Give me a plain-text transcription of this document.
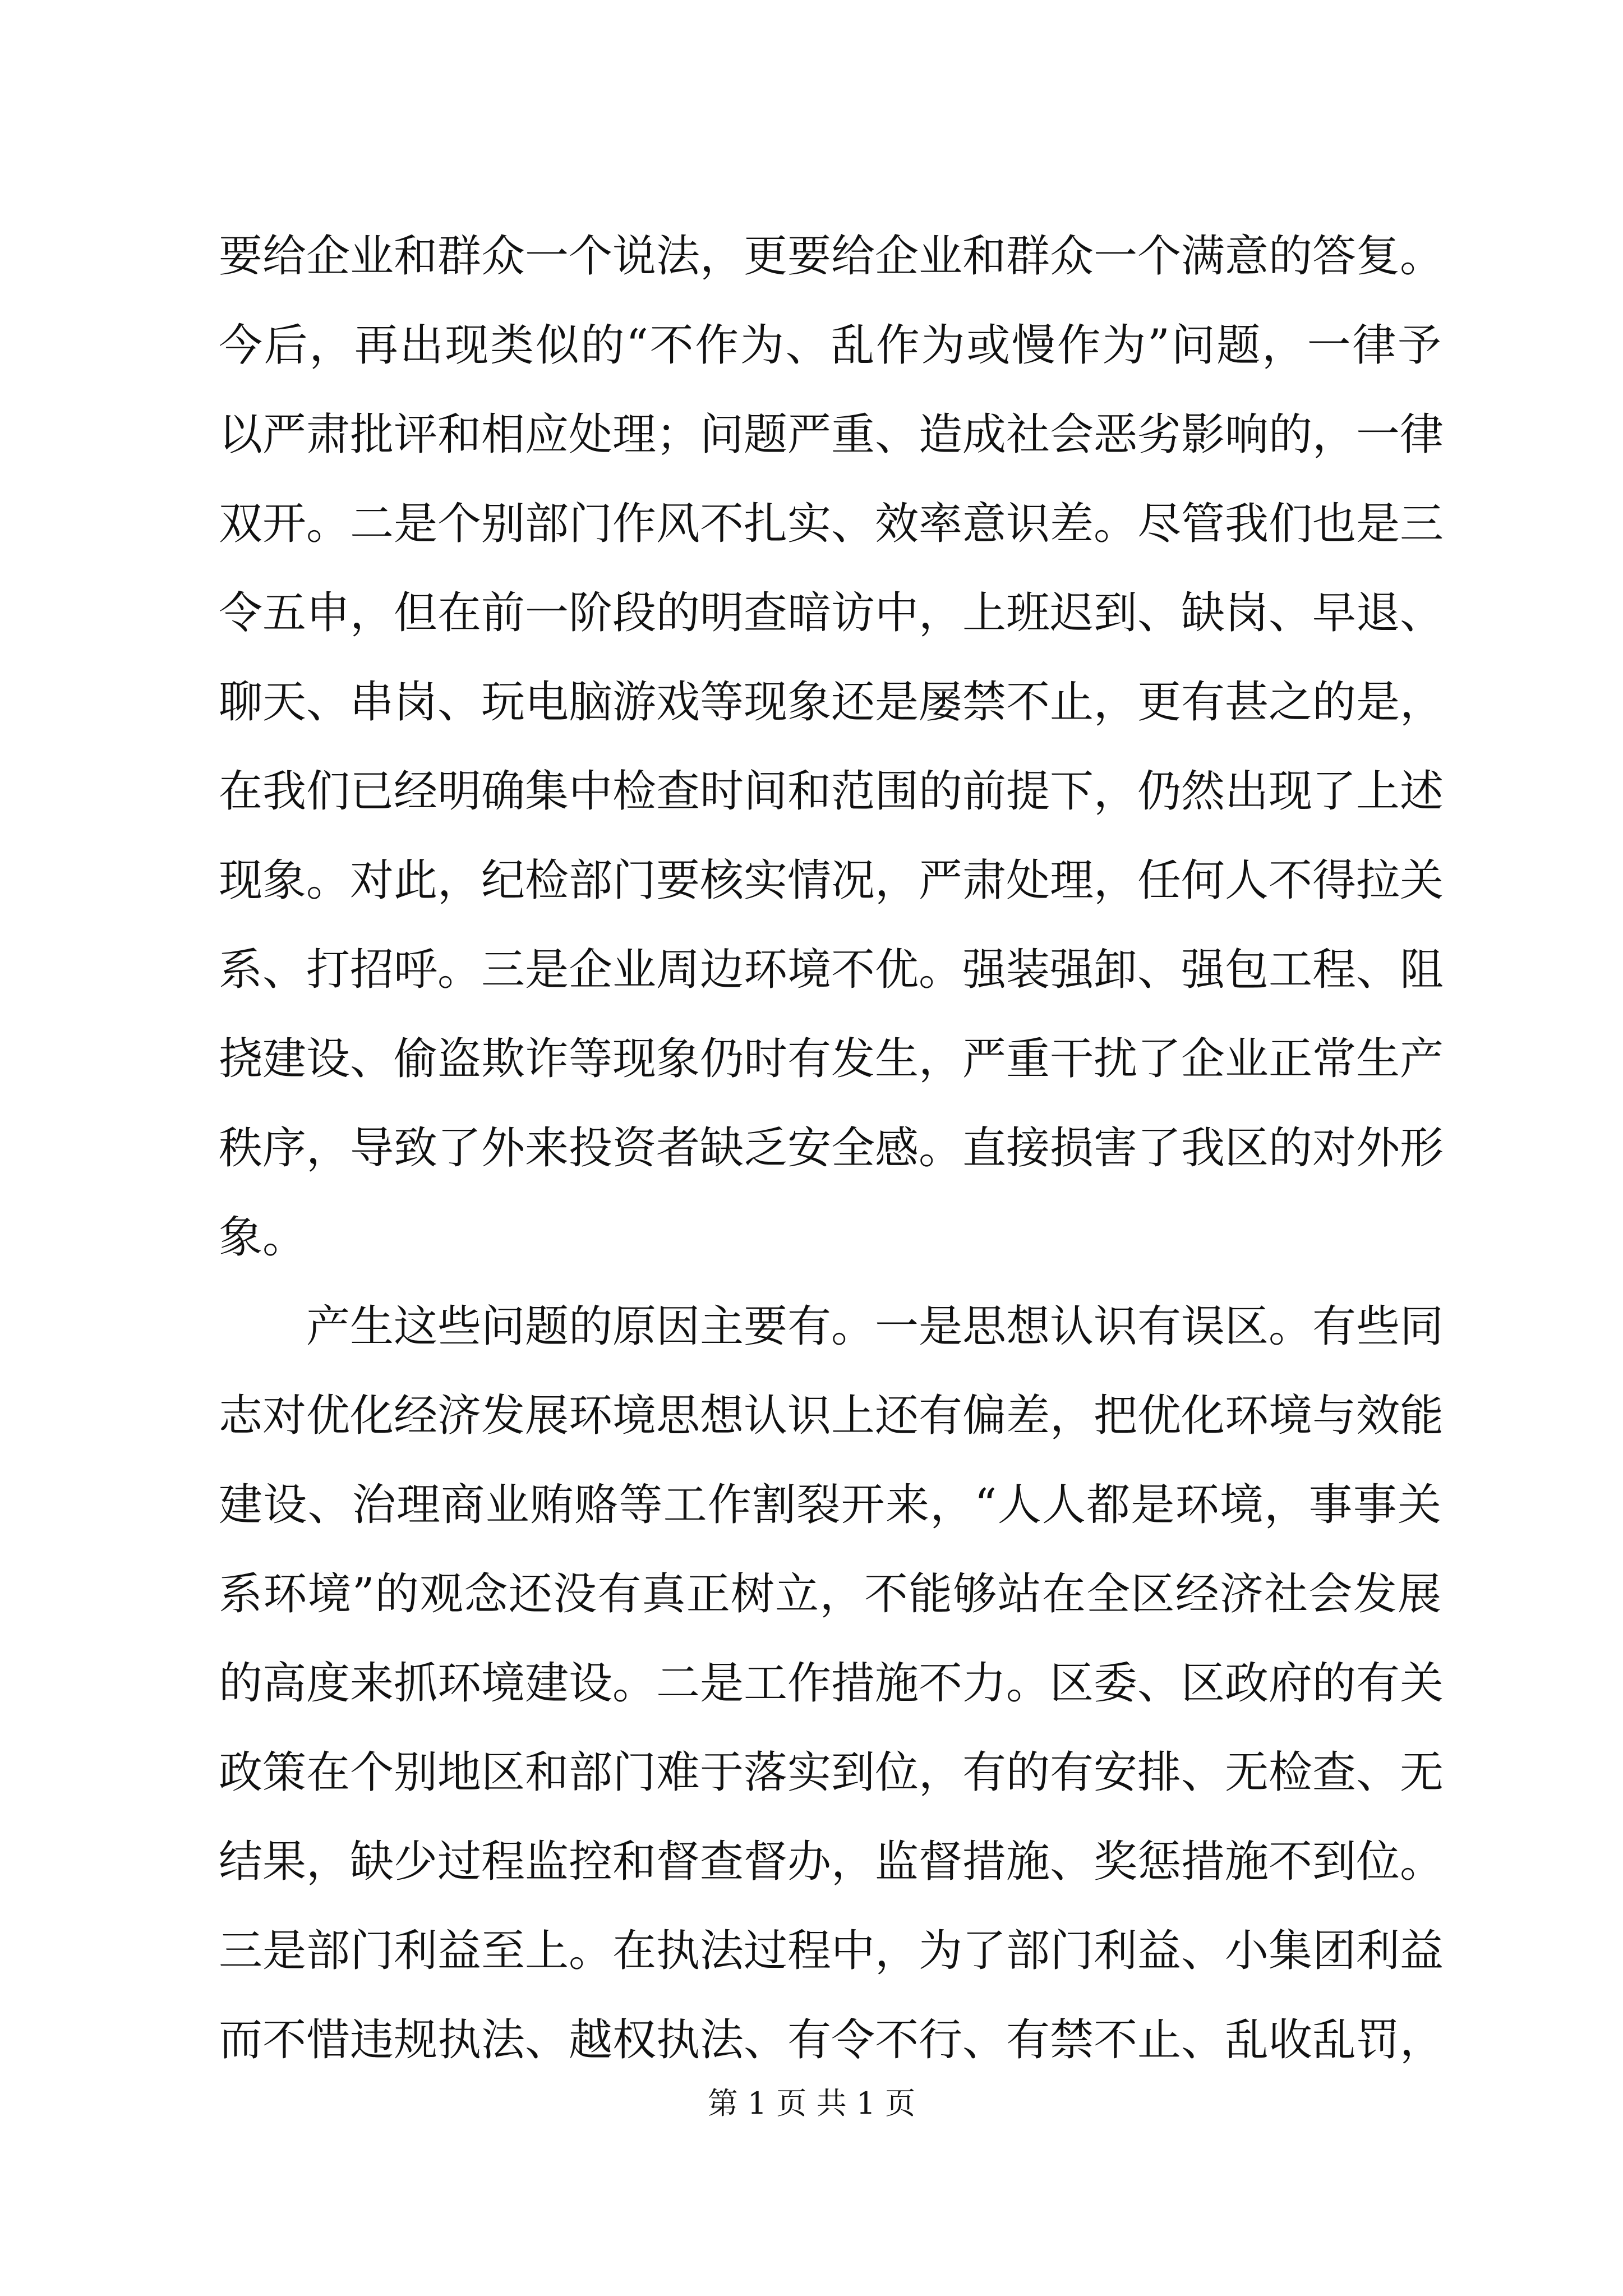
要给企业和群众一个说法，更要给企业和群众一个满意的答复。
今后，再出现类似的“不作为、乱作为或慢作为”问题，一律予
以严肃批评和相应处理；问题严重、造成社会恶劣影响的，一律
双开。二是个别部门作风不扎实、效率意识差。尽管我们也是三
令五申，但在前一阶段的明查暗访中，上班迟到、缺岗、早退、
聊天、串岗、玩电脑游戏等现象还是屡禁不止，更有甚之的是，
在我们已经明确集中检查时间和范围的前提下，仍然出现了上述
现象。对此，纪检部门要核实情况，严肃处理，任何人不得拉关
系、打招呼。三是企业周边环境不优。强装强卸、强包工程、阻
挠建设、偷盗欺诈等现象仍时有发生，严重干扰了企业正常生产
秩序，导致了外来投资者缺乏安全感。直接损害了我区的对外形
象。
产生这些问题的原因主要有。一是思想认识有误区。有些同
志对优化经济发展环境思想认识上还有偏差，把优化环境与效能
建设、治理商业贿赂等工作割裂开来，“人人都是环境，事事关
系环境”的观念还没有真正树立，不能够站在全区经济社会发展
的高度来抓环境建设。二是工作措施不力。区委、区政府的有关
政策在个别地区和部门难于落实到位，有的有安排、无检查、无
结果，缺少过程监控和督查督办，监督措施、奖惩措施不到位。
三是部门利益至上。在执法过程中，为了部门利益、小集团利益
而不惜违规执法、越权执法、有令不行、有禁不止、乱收乱罚，
第 1 页 共 1 页
